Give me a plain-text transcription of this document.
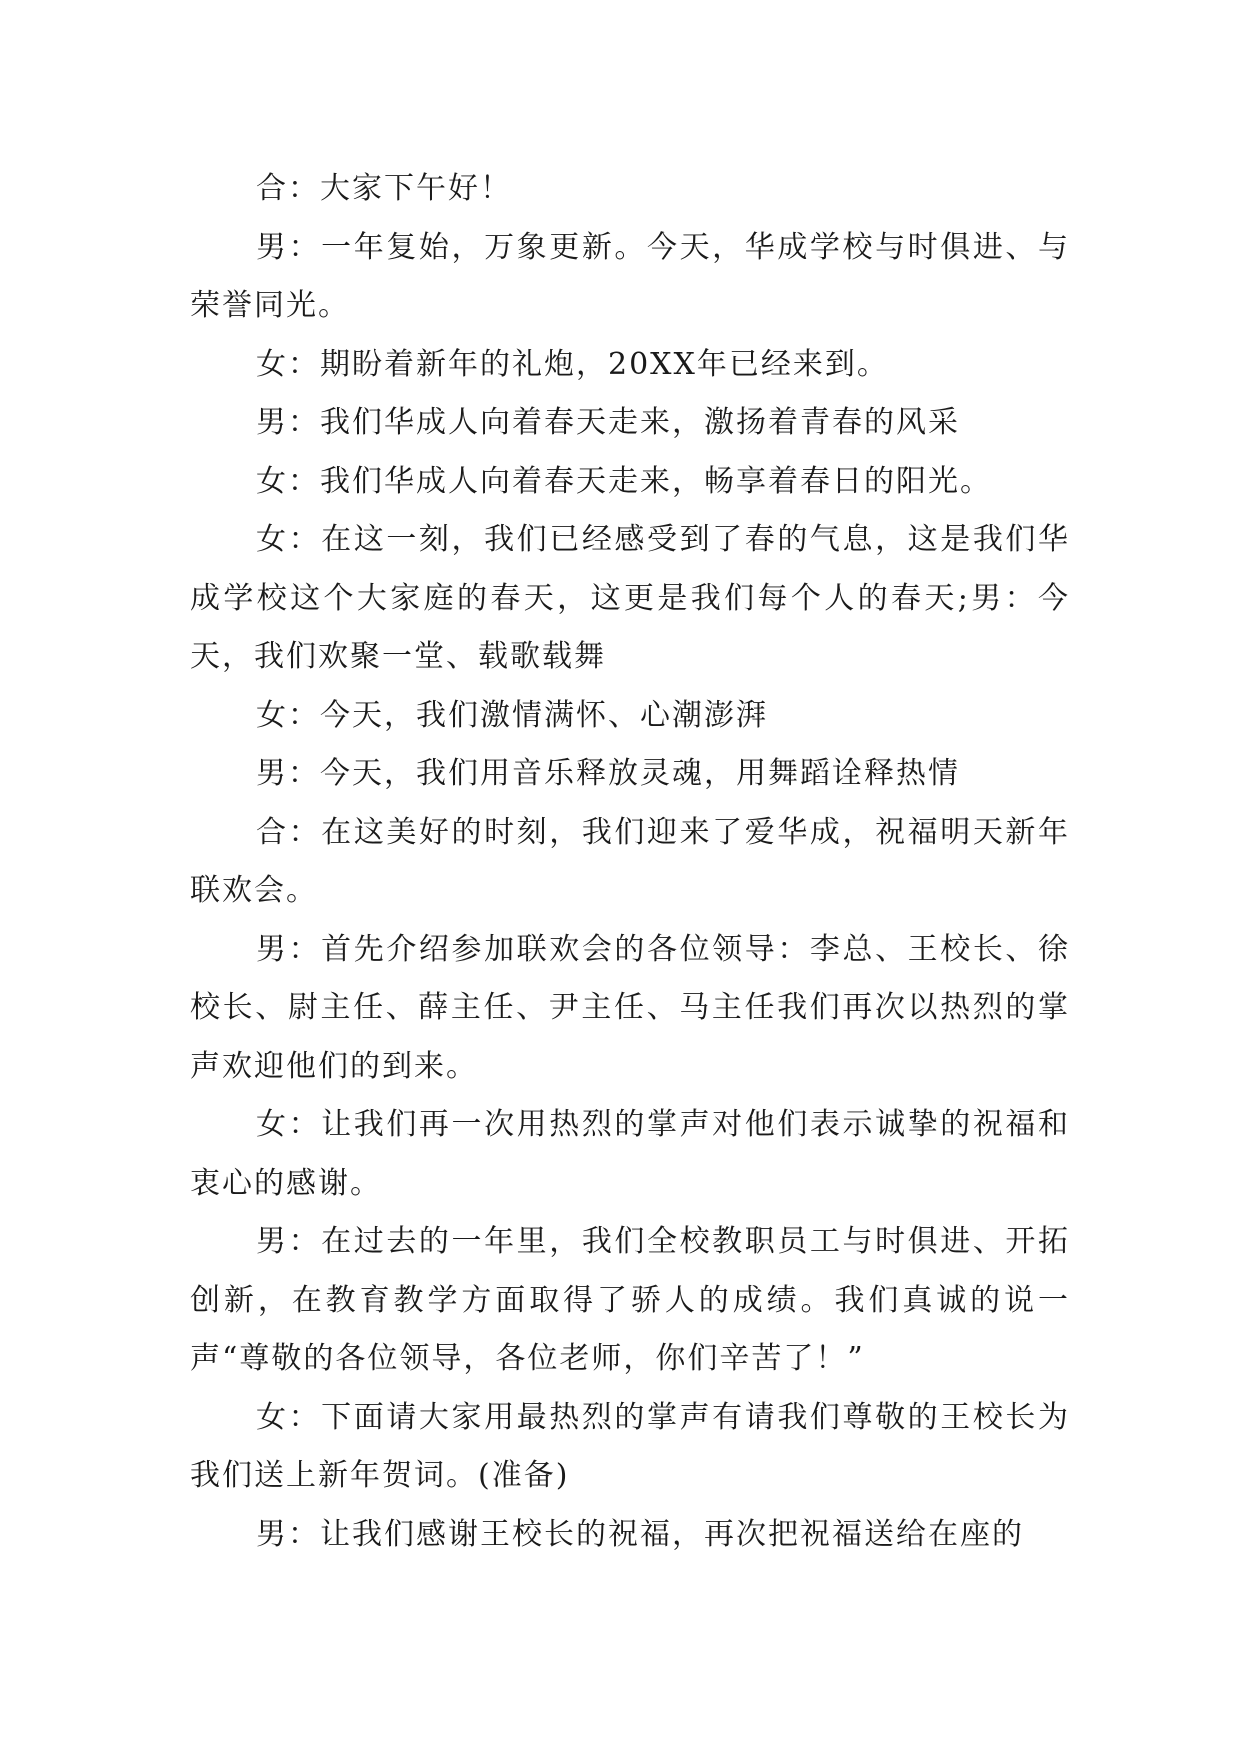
合：大家下午好！

男：一年复始，万象更新。今天，华成学校与时俱进、与荣誉同光。

女：期盼着新年的礼炮，20XX年已经来到。

男：我们华成人向着春天走来，激扬着青春的风采

女：我们华成人向着春天走来，畅享着春日的阳光。

女：在这一刻，我们已经感受到了春的气息，这是我们华成学校这个大家庭的春天，这更是我们每个人的春天;男：今天，我们欢聚一堂、载歌载舞

女：今天，我们激情满怀、心潮澎湃

男：今天，我们用音乐释放灵魂，用舞蹈诠释热情

合：在这美好的时刻，我们迎来了爱华成，祝福明天新年联欢会。

男：首先介绍参加联欢会的各位领导：李总、王校长、徐校长、尉主任、薛主任、尹主任、马主任我们再次以热烈的掌声欢迎他们的到来。

女：让我们再一次用热烈的掌声对他们表示诚挚的祝福和衷心的感谢。

男：在过去的一年里，我们全校教职员工与时俱进、开拓创新，在教育教学方面取得了骄人的成绩。我们真诚的说一声“尊敬的各位领导，各位老师，你们辛苦了！”

女：下面请大家用最热烈的掌声有请我们尊敬的王校长为我们送上新年贺词。(准备)

男：让我们感谢王校长的祝福，再次把祝福送给在座的
